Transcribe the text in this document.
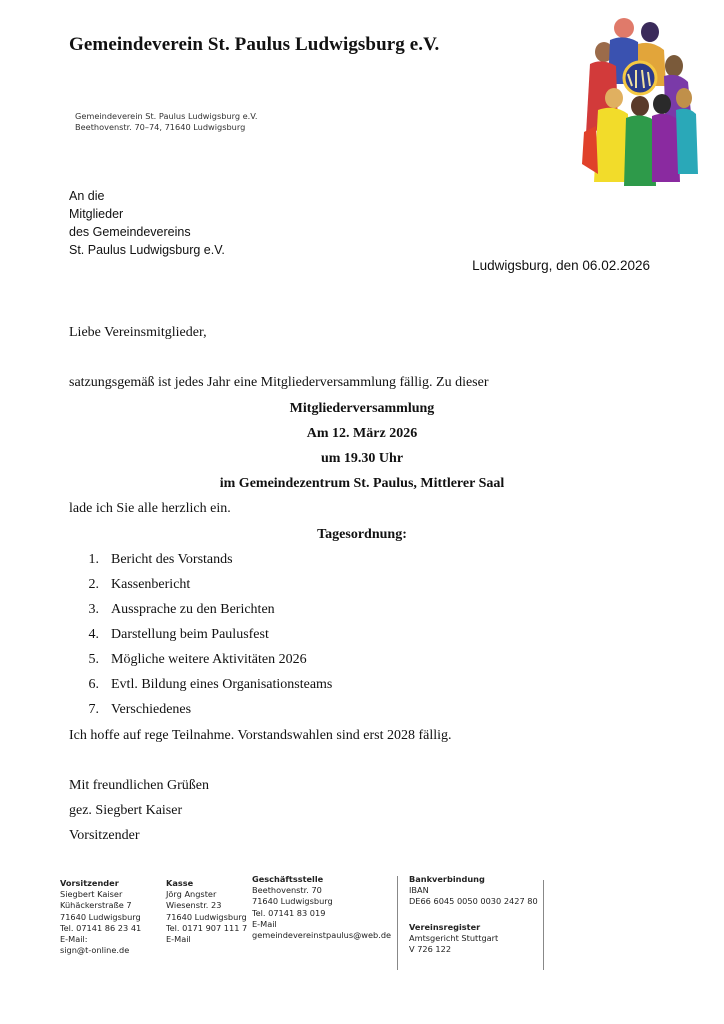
Gemeindeverein St. Paulus Ludwigsburg e.V.
Gemeindeverein St. Paulus Ludwigsburg e.V.
Beethovenstr. 70–74, 71640 Ludwigsburg
An die
Mitglieder
des Gemeindevereins
St. Paulus Ludwigsburg e.V.
Ludwigsburg, den 06.02.2026
Liebe Vereinsmitglieder,
satzungsgemäß ist jedes Jahr eine Mitgliederversammlung fällig. Zu dieser
Mitgliederversammlung
Am 12. März 2026
um 19.30 Uhr
im Gemeindezentrum St. Paulus, Mittlerer Saal
lade ich Sie alle herzlich ein.
Tagesordnung:
1. Bericht des Vorstands
2. Kassenbericht
3. Aussprache zu den Berichten
4. Darstellung beim Paulusfest
5. Mögliche weitere Aktivitäten 2026
6. Evtl. Bildung eines Organisationsteams
7. Verschiedenes
Ich hoffe auf rege Teilnahme. Vorstandswahlen sind erst 2028 fällig.
Mit freundlichen Grüßen
gez. Siegbert Kaiser
Vorsitzender
Vorsitzender
Siegbert Kaiser
Kühäckerstraße 7
71640 Ludwigsburg
Tel. 07141 86 23 41
E-Mail:
sign@t-online.de
Kasse
Jörg Angster
Wiesenstr. 23
71640 Ludwigsburg
Tel. 0171 907 111 7
E-Mail
Geschäftsstelle
Beethovenstr. 70
71640 Ludwigsburg
Tel. 07141 83 019
E-Mail
gemeindevereinstpaulus@web.de
Bankverbindung
IBAN
DE66 6045 0050 0030 2427 80
Vereinsregister
Amtsgericht Stuttgart
V 726 122
